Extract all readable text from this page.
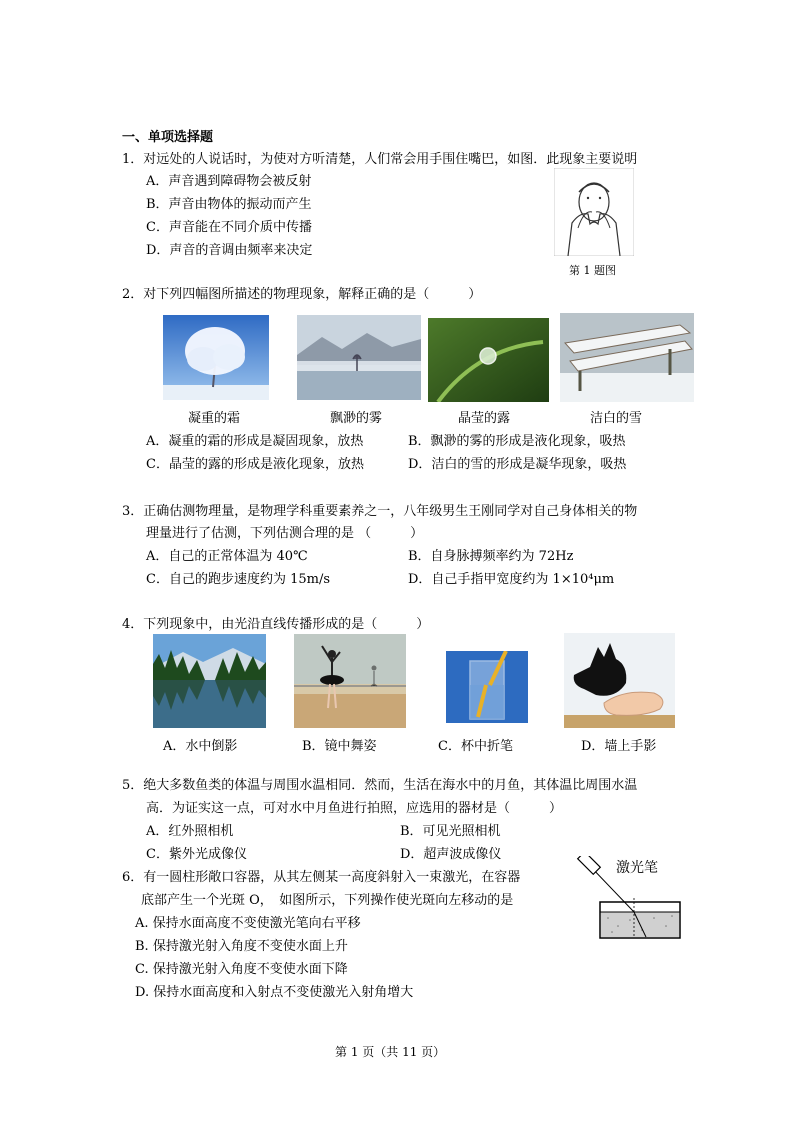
一、单项选择题
1．对远处的人说话时，为使对方听清楚，人们常会用手围住嘴巴，如图．此现象主要说明
A．声音遇到障碍物会被反射
B．声音由物体的振动而产生
C．声音能在不同介质中传播
D．声音的音调由频率来决定
第 1 题图
2．对下列四幅图所描述的物理现象，解释正确的是（　　　）
凝重的霜	飘渺的雾	晶莹的露	洁白的雪
A．凝重的霜的形成是凝固现象，放热	B．飘渺的雾的形成是液化现象，吸热
C．晶莹的露的形成是液化现象，放热	D．洁白的雪的形成是凝华现象，吸热
3．正确估测物理量，是物理学科重要素养之一，八年级男生王刚同学对自己身体相关的物
理量进行了估测，下列估测合理的是 （　　　）
A．自己的正常体温为 40℃	B．自身脉搏频率约为 72Hz
C．自己的跑步速度约为 15m/s	D．自己手指甲宽度约为 1×10⁴μm
4．下列现象中，由光沿直线传播形成的是（　　　）
A．水中倒影	B．镜中舞姿	C．杯中折笔	D．墙上手影
5．绝大多数鱼类的体温与周围水温相同．然而，生活在海水中的月鱼，其体温比周围水温
高．为证实这一点，可对水中月鱼进行拍照，应选用的器材是（　　　）
A．红外照相机	B．可见光照相机
C．紫外光成像仪	D．超声波成像仪
6．有一圆柱形敞口容器，从其左侧某一高度斜射入一束激光，在容器
底部产生一个光斑 O，　如图所示，下列操作使光斑向左移动的是
A. 保持水面高度不变使激光笔向右平移
B. 保持激光射入角度不变使水面上升
C. 保持激光射入角度不变使水面下降
D. 保持水面高度和入射点不变使激光入射角增大
激光笔
第 1 页（共 11 页）
